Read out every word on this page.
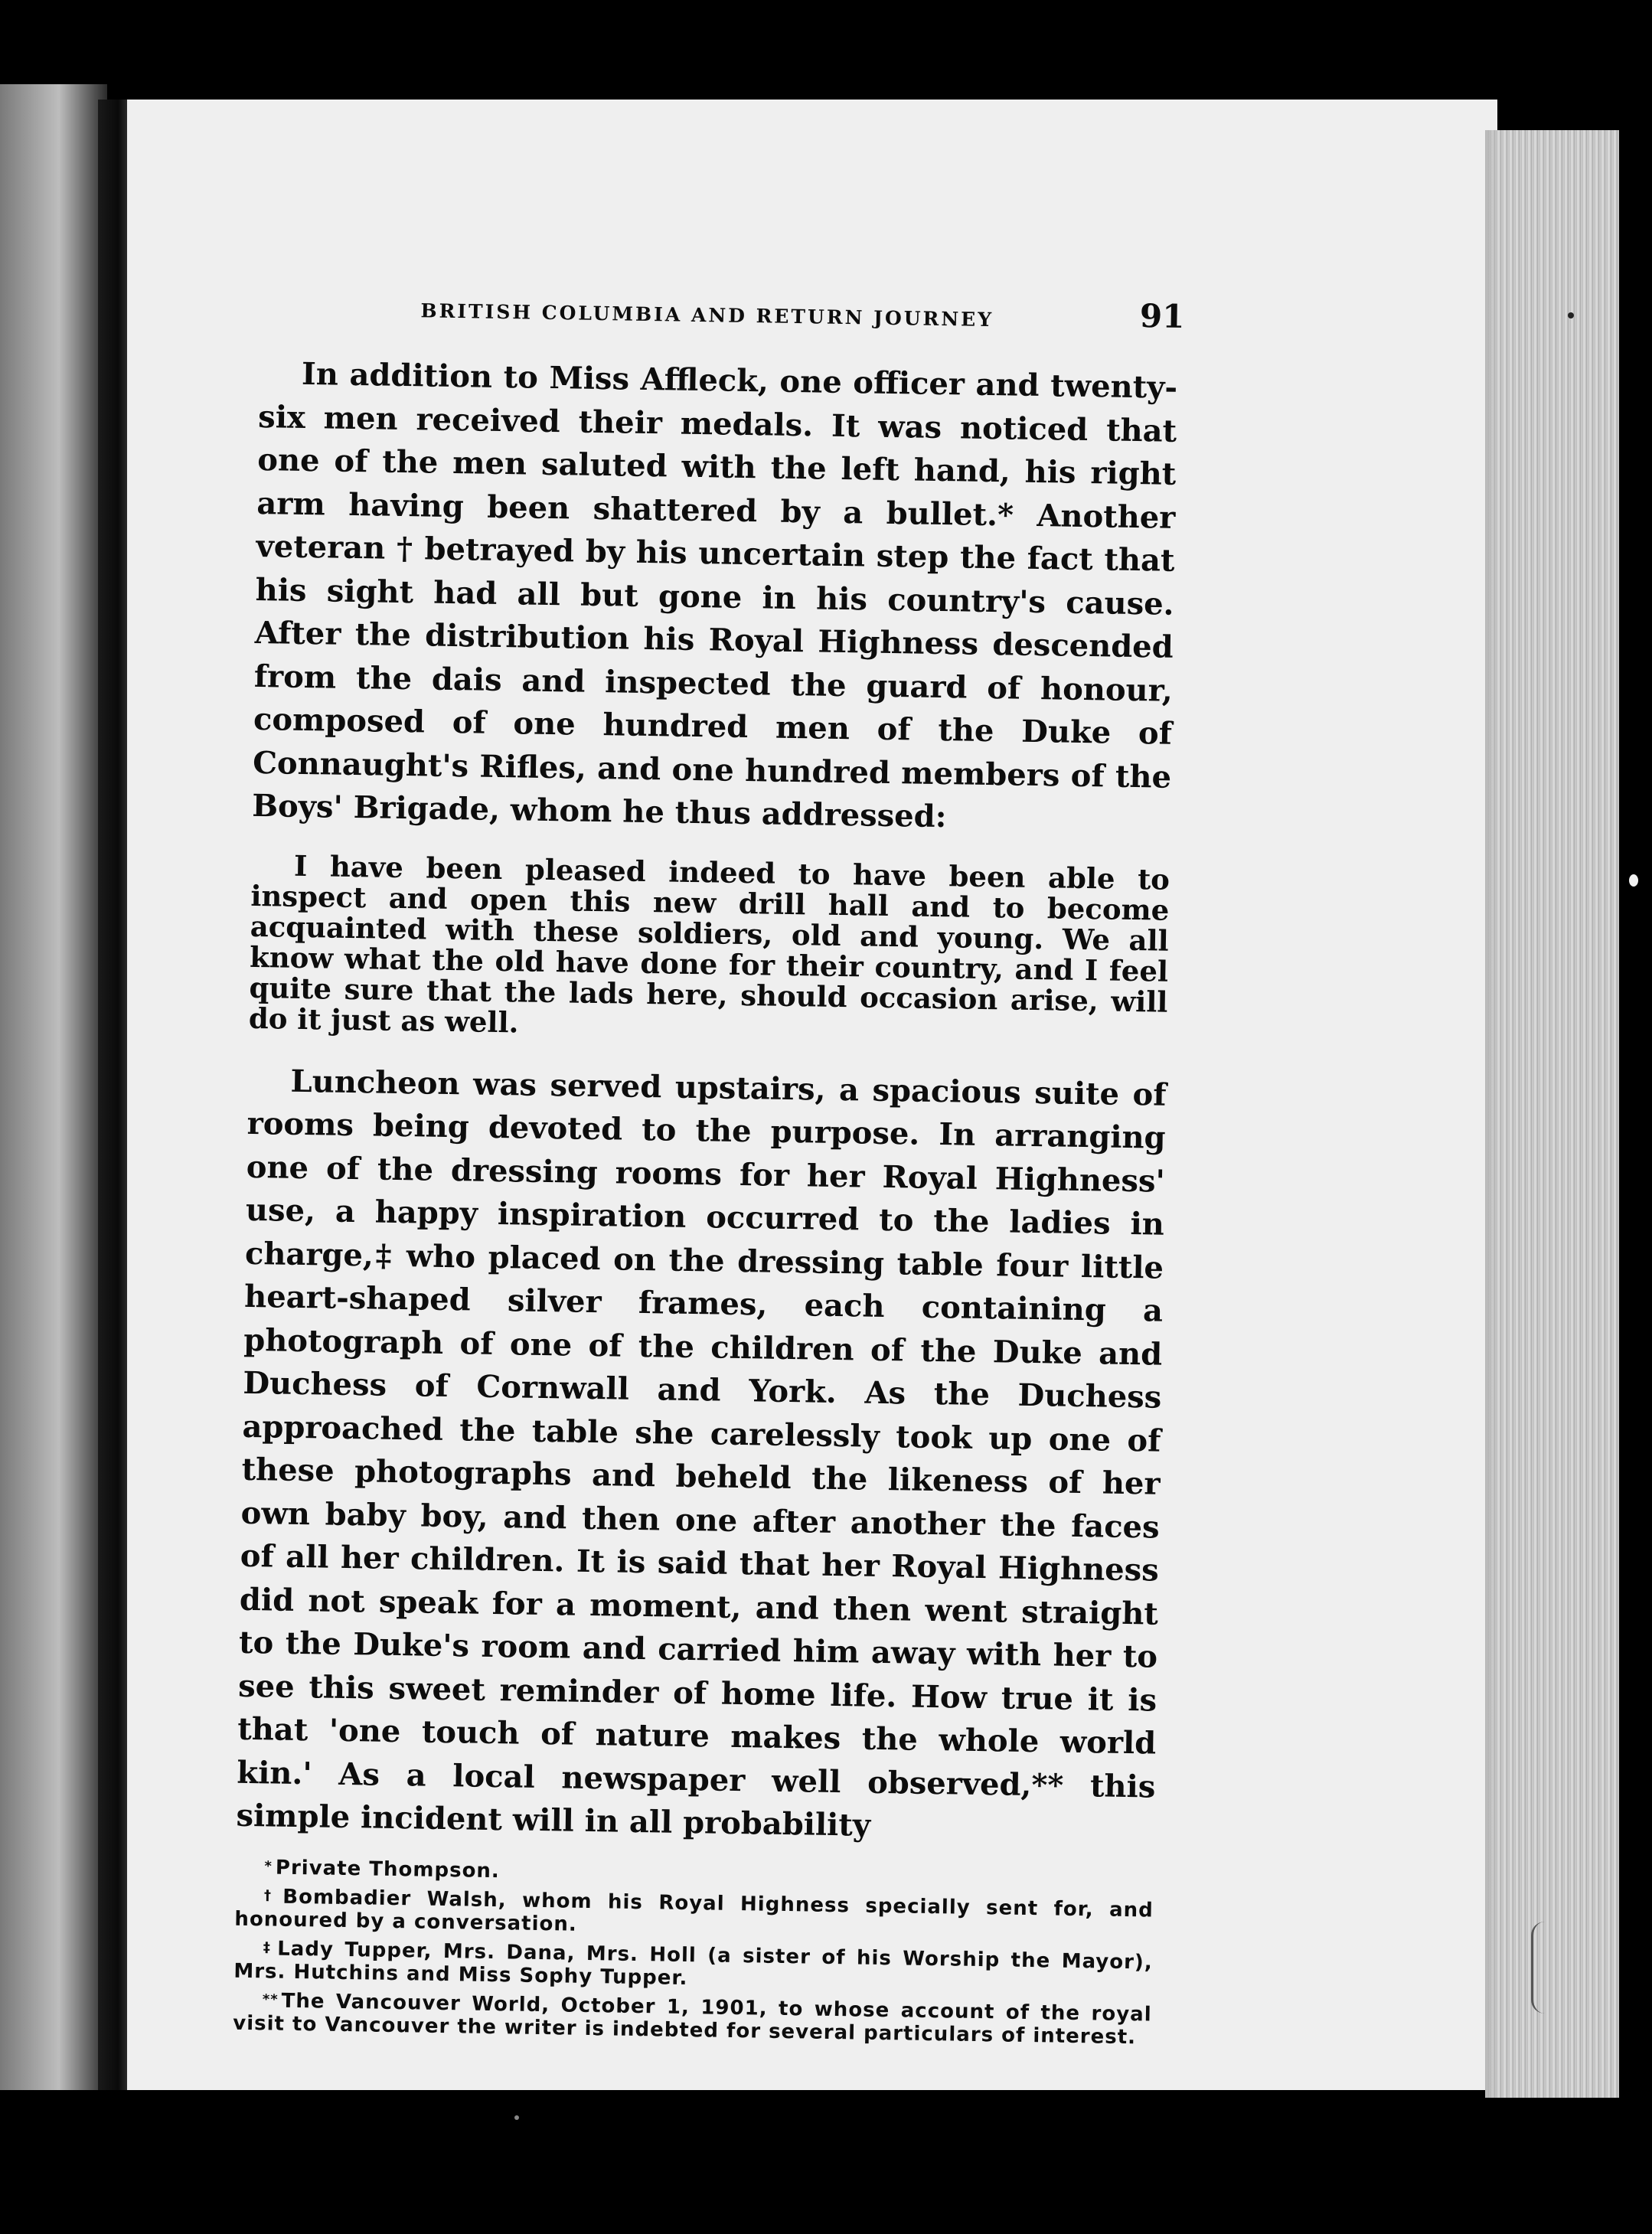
BRITISH COLUMBIA AND RETURN JOURNEY	91

In addition to Miss Affleck, one officer and twenty-six men received their medals. It was noticed that one of the men saluted with the left hand, his right arm having been shattered by a bullet.* Another veteran † betrayed by his uncertain step the fact that his sight had all but gone in his country's cause. After the distribution his Royal Highness descended from the dais and inspected the guard of honour, composed of one hundred men of the Duke of Connaught's Rifles, and one hundred members of the Boys' Brigade, whom he thus addressed:

I have been pleased indeed to have been able to inspect and open this new drill hall and to become acquainted with these soldiers, old and young. We all know what the old have done for their country, and I feel quite sure that the lads here, should occasion arise, will do it just as well.

Luncheon was served upstairs, a spacious suite of rooms being devoted to the purpose. In arranging one of the dressing rooms for her Royal Highness' use, a happy inspiration occurred to the ladies in charge,‡ who placed on the dressing table four little heart-shaped silver frames, each containing a photograph of one of the children of the Duke and Duchess of Cornwall and York. As the Duchess approached the table she carelessly took up one of these photographs and beheld the likeness of her own baby boy, and then one after another the faces of all her children. It is said that her Royal Highness did not speak for a moment, and then went straight to the Duke's room and carried him away with her to see this sweet reminder of home life. How true it is that 'one touch of nature makes the whole world kin.' As a local newspaper well observed,** this simple incident will in all probability

* Private Thompson.

† Bombadier Walsh, whom his Royal Highness specially sent for, and honoured by a conversation.

‡ Lady Tupper, Mrs. Dana, Mrs. Holl (a sister of his Worship the Mayor), Mrs. Hutchins and Miss Sophy Tupper.

** The Vancouver World, October 1, 1901, to whose account of the royal visit to Vancouver the writer is indebted for several particulars of interest.
